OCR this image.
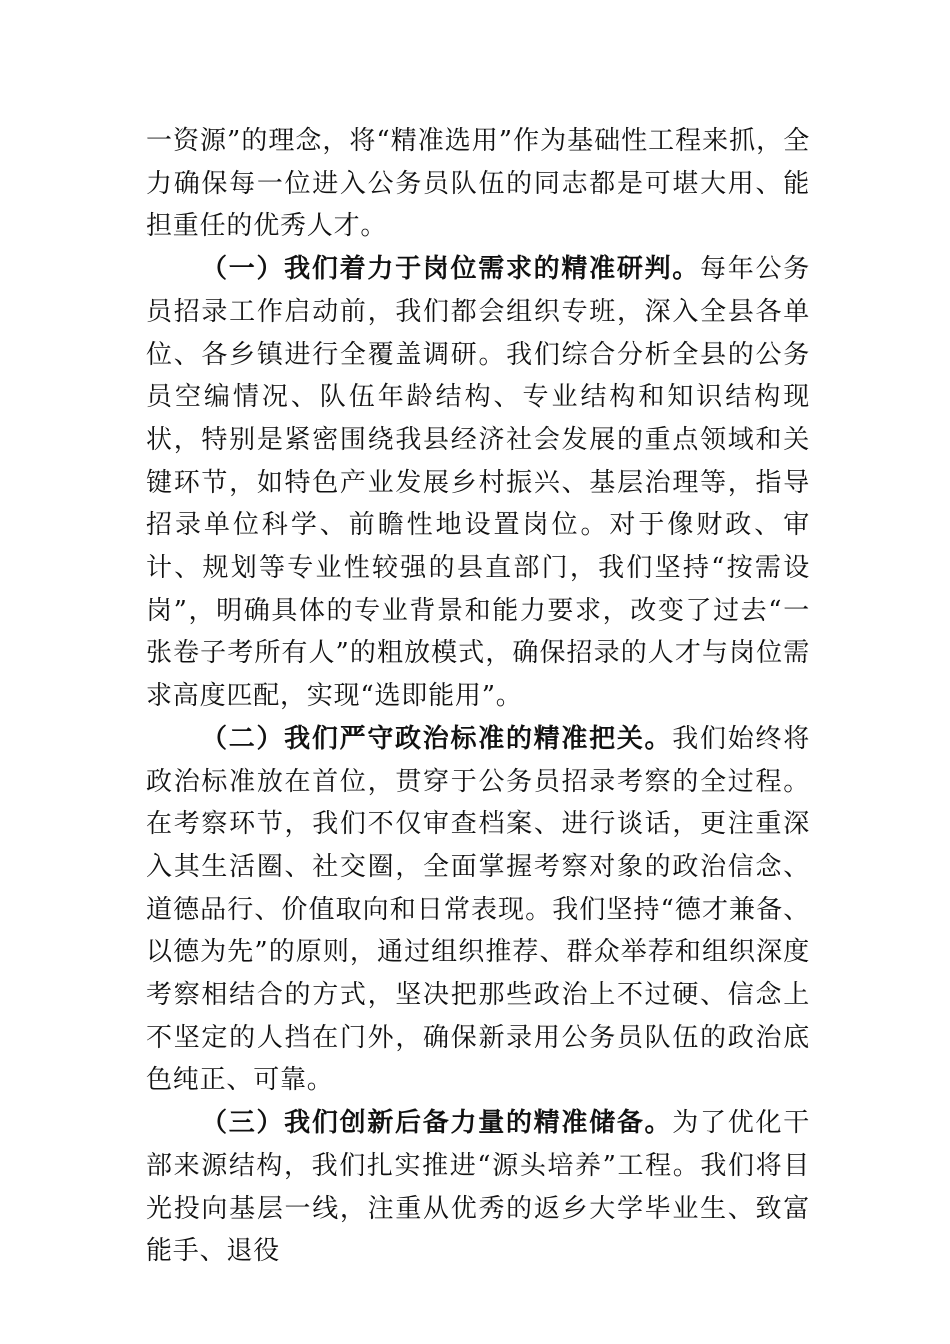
一资源”的理念，将“精准选用”作为基础性工程来抓，全力确保每一位进入公务员队伍的同志都是可堪大用、能担重任的优秀人才。

（一）我们着力于岗位需求的精准研判。每年公务员招录工作启动前，我们都会组织专班，深入全县各单位、各乡镇进行全覆盖调研。我们综合分析全县的公务员空编情况、队伍年龄结构、专业结构和知识结构现状，特别是紧密围绕我县经济社会发展的重点领域和关键环节，如特色产业发展乡村振兴、基层治理等，指导招录单位科学、前瞻性地设置岗位。对于像财政、审计、规划等专业性较强的县直部门，我们坚持“按需设岗”，明确具体的专业背景和能力要求，改变了过去“一张卷子考所有人”的粗放模式，确保招录的人才与岗位需求高度匹配，实现“选即能用”。

（二）我们严守政治标准的精准把关。我们始终将政治标准放在首位，贯穿于公务员招录考察的全过程。在考察环节，我们不仅审查档案、进行谈话，更注重深入其生活圈、社交圈，全面掌握考察对象的政治信念、道德品行、价值取向和日常表现。我们坚持“德才兼备、以德为先”的原则，通过组织推荐、群众举荐和组织深度考察相结合的方式，坚决把那些政治上不过硬、信念上不坚定的人挡在门外，确保新录用公务员队伍的政治底色纯正、可靠。

（三）我们创新后备力量的精准储备。为了优化干部来源结构，我们扎实推进“源头培养”工程。我们将目光投向基层一线，注重从优秀的返乡大学毕业生、致富能手、退役
